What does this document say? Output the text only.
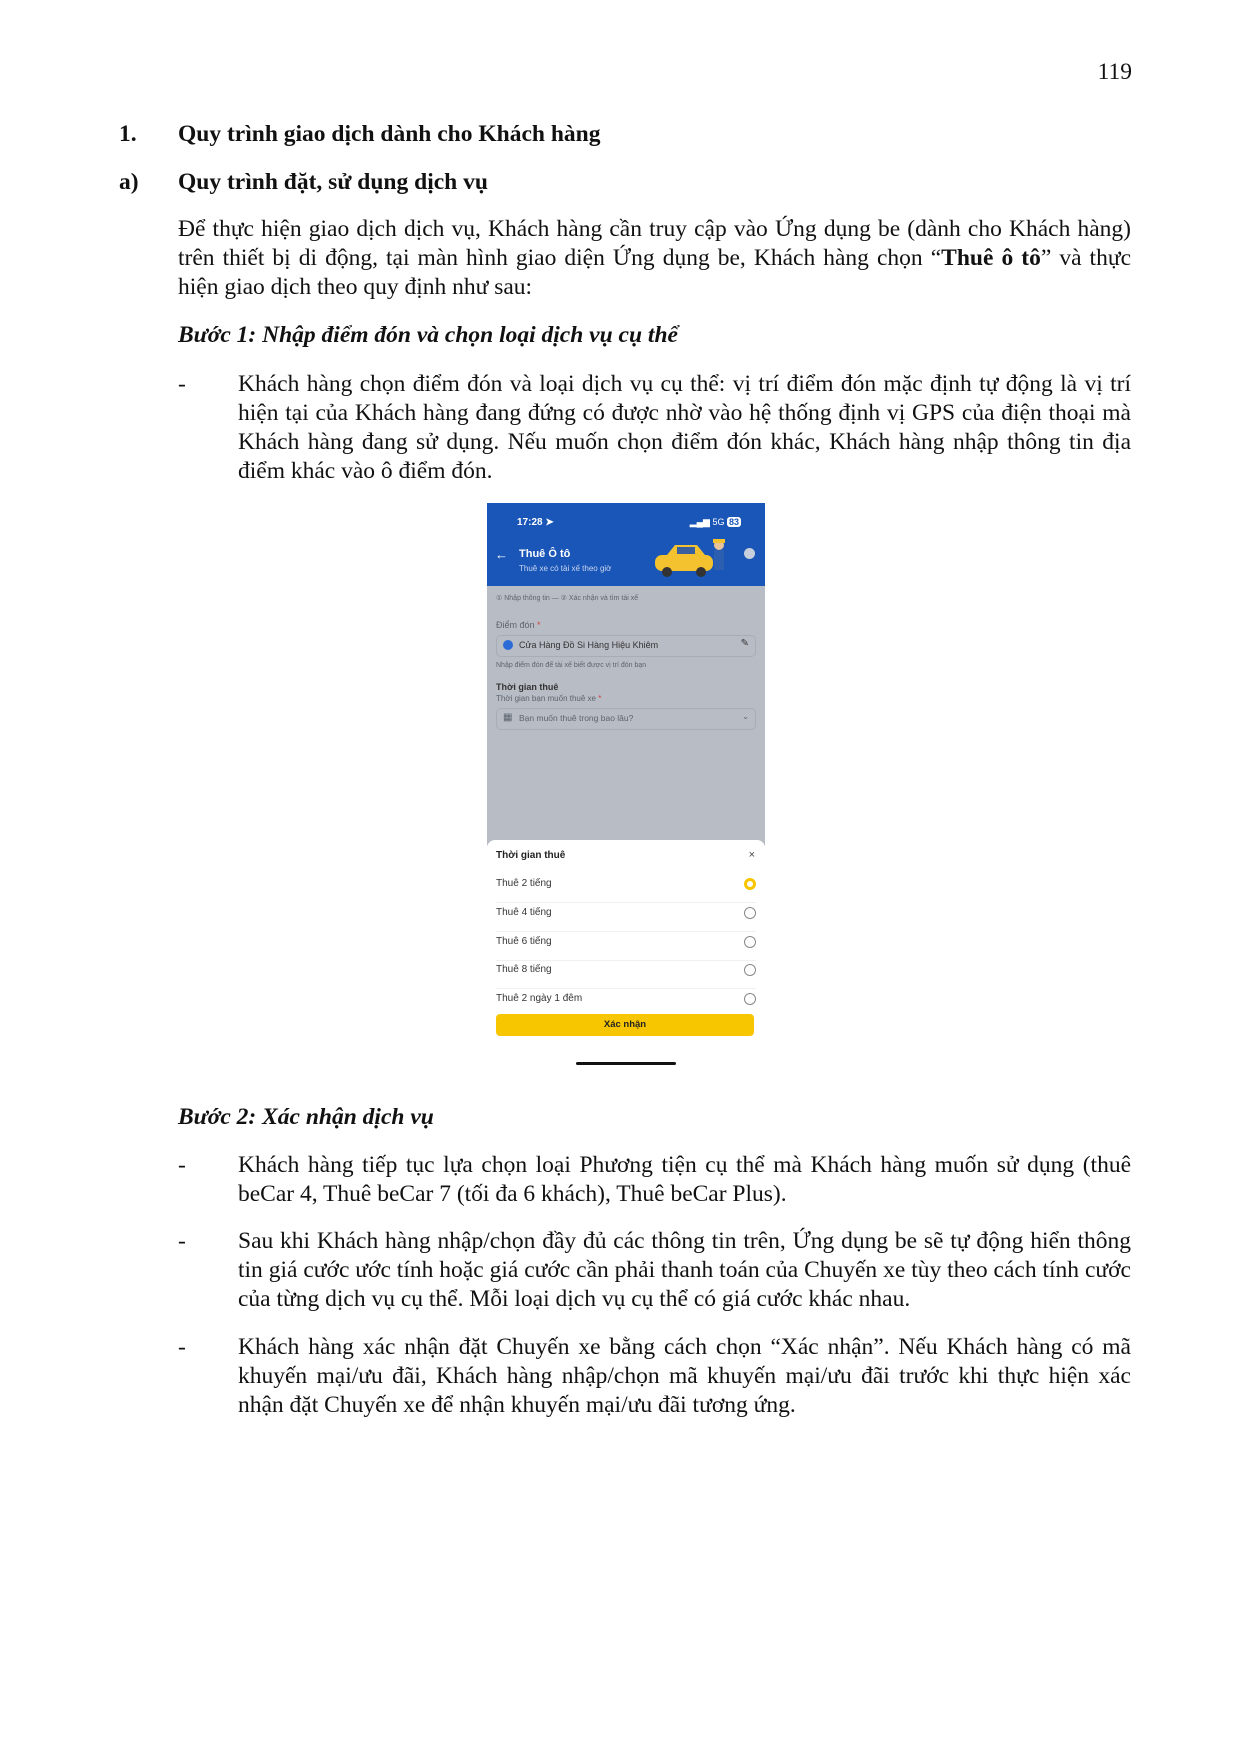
119
1. Quy trình giao dịch dành cho Khách hàng
a) Quy trình đặt, sử dụng dịch vụ
Để thực hiện giao dịch dịch vụ, Khách hàng cần truy cập vào Ứng dụng be (dành cho Khách hàng) trên thiết bị di động, tại màn hình giao diện Ứng dụng be, Khách hàng chọn “Thuê ô tô” và thực hiện giao dịch theo quy định như sau:
Bước 1: Nhập điểm đón và chọn loại dịch vụ cụ thể
- Khách hàng chọn điểm đón và loại dịch vụ cụ thể: vị trí điểm đón mặc định tự động là vị trí hiện tại của Khách hàng đang đứng có được nhờ vào hệ thống định vị GPS của điện thoại mà Khách hàng đang sử dụng. Nếu muốn chọn điểm đón khác, Khách hàng nhập thông tin địa điểm khác vào ô điểm đón.
17:28 ➤	▂▄▆ 5G 83
← Thuê Ô tô
Thuê xe có tài xế theo giờ
① Nhập thông tin — ② Xác nhận và tìm tài xế
Điểm đón *
Cửa Hàng Đồ Si Hàng Hiệu Khiêm	✎
Nhập điểm đón để tài xế biết được vị trí đón bạn
Thời gian thuê
Thời gian bạn muốn thuê xe *
▦ Bạn muốn thuê trong bao lâu?	⌄
Thời gian thuê	×
Thuê 2 tiếng
Thuê 4 tiếng
Thuê 6 tiếng
Thuê 8 tiếng
Thuê 2 ngày 1 đêm
Xác nhận
Bước 2: Xác nhận dịch vụ
- Khách hàng tiếp tục lựa chọn loại Phương tiện cụ thể mà Khách hàng muốn sử dụng (thuê beCar 4, Thuê beCar 7 (tối đa 6 khách), Thuê beCar Plus).
- Sau khi Khách hàng nhập/chọn đầy đủ các thông tin trên, Ứng dụng be sẽ tự động hiển thông tin giá cước ước tính hoặc giá cước cần phải thanh toán của Chuyến xe tùy theo cách tính cước của từng dịch vụ cụ thể. Mỗi loại dịch vụ cụ thể có giá cước khác nhau.
- Khách hàng xác nhận đặt Chuyến xe bằng cách chọn “Xác nhận”. Nếu Khách hàng có mã khuyến mại/ưu đãi, Khách hàng nhập/chọn mã khuyến mại/ưu đãi trước khi thực hiện xác nhận đặt Chuyến xe để nhận khuyến mại/ưu đãi tương ứng.
